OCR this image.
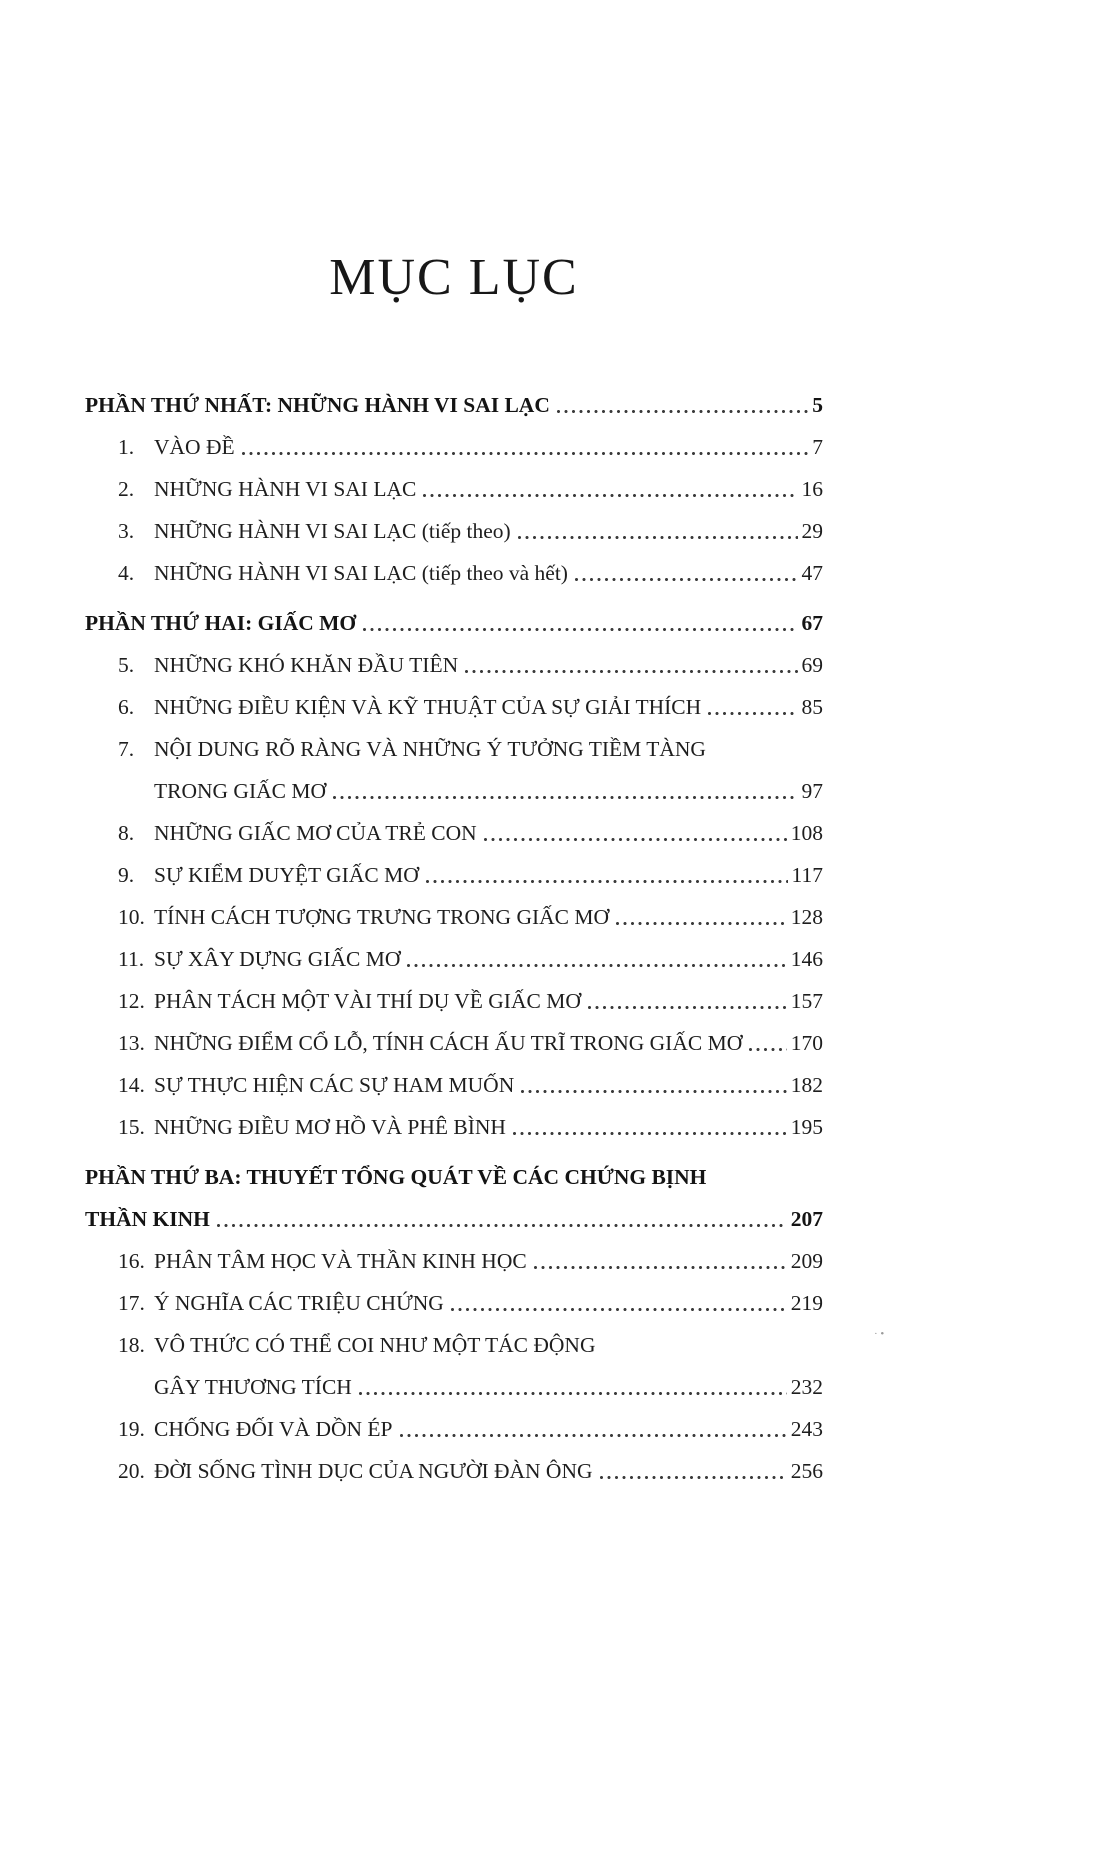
MỤC LỤC
PHẦN THỨ NHẤT: NHỮNG HÀNH VI SAI LẠC	5
1. VÀO ĐỀ	7
2. NHỮNG HÀNH VI SAI LẠC	16
3. NHỮNG HÀNH VI SAI LẠC (tiếp theo)	29
4. NHỮNG HÀNH VI SAI LẠC (tiếp theo và hết)	47
PHẦN THỨ HAI: GIẤC MƠ	67
5. NHỮNG KHÓ KHĂN ĐẦU TIÊN	69
6. NHỮNG ĐIỀU KIỆN VÀ KỸ THUẬT CỦA SỰ GIẢI THÍCH	85
7. NỘI DUNG RÕ RÀNG VÀ NHỮNG Ý TƯỞNG TIỀM TÀNG
TRONG GIẤC MƠ	97
8. NHỮNG GIẤC MƠ CỦA TRẺ CON	108
9. SỰ KIỂM DUYỆT GIẤC MƠ	117
10. TÍNH CÁCH TƯỢNG TRƯNG TRONG GIẤC MƠ	128
11. SỰ XÂY DỰNG GIẤC MƠ	146
12. PHÂN TÁCH MỘT VÀI THÍ DỤ VỀ GIẤC MƠ	157
13. NHỮNG ĐIỂM CỔ LỖ, TÍNH CÁCH ẤU TRĨ TRONG GIẤC MƠ 170
14. SỰ THỰC HIỆN CÁC SỰ HAM MUỐN	182
15. NHỮNG ĐIỀU MƠ HỒ VÀ PHÊ BÌNH	195
PHẦN THỨ BA: THUYẾT TỔNG QUÁT VỀ CÁC CHỨNG BỊNH
THẦN KINH	207
16. PHÂN TÂM HỌC VÀ THẦN KINH HỌC	209
17. Ý NGHĨA CÁC TRIỆU CHỨNG	219
18. VÔ THỨC CÓ THỂ COI NHƯ MỘT TÁC ĐỘNG
GÂY THƯƠNG TÍCH	232
19. CHỐNG ĐỐI VÀ DỒN ÉP	243
20. ĐỜI SỐNG TÌNH DỤC CỦA NGƯỜI ĐÀN ÔNG	256
· •
